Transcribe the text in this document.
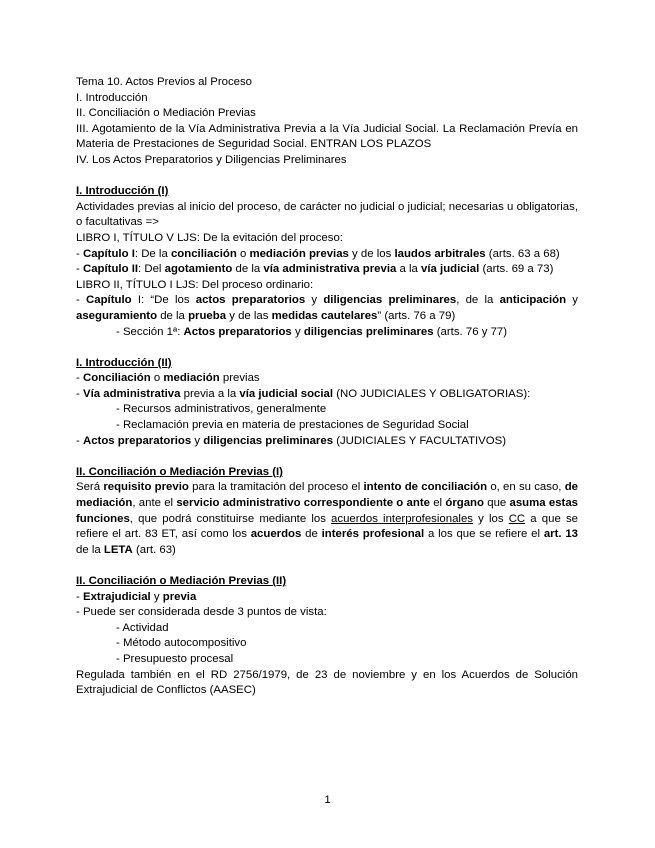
Tema 10. Actos Previos al Proceso

I. Introducción

II. Conciliación o Mediación Previas

III. Agotamiento de la Vía Administrativa Previa a la Vía Judicial Social. La Reclamación Prevía en Materia de Prestaciones de Seguridad Social. ENTRAN LOS PLAZOS

IV. Los Actos Preparatorios y Diligencias Preliminares

I. Introducción (I)

Actividades previas al inicio del proceso, de carácter no judicial o judicial; necesarias u obligatorias, o facultativas =>

LIBRO I, TÍTULO V LJS: De la evitación del proceso:

- Capítulo I: De la conciliación o mediación previas y de los laudos arbitrales (arts. 63 a 68)

- Capítulo II: Del agotamiento de la vía administrativa previa a la vía judicial (arts. 69 a 73)

LIBRO II, TÍTULO I LJS: Del proceso ordinario:

- Capítulo I: “De los actos preparatorios y diligencias preliminares, de la anticipación y aseguramiento de la prueba y de las medidas cautelares” (arts. 76 a 79)

- Sección 1ª: Actos preparatorios y diligencias preliminares (arts. 76 y 77)

I. Introducción (II)

- Conciliación o mediación previas

- Vía administrativa previa a la vía judicial social (NO JUDICIALES Y OBLIGATORIAS):

- Recursos administrativos, generalmente

- Reclamación previa en materia de prestaciones de Seguridad Social

- Actos preparatorios y diligencias preliminares (JUDICIALES Y FACULTATIVOS)

II. Conciliación o Mediación Previas (I)

Será requisito previo para la tramitación del proceso el intento de conciliación o, en su caso, de mediación, ante el servicio administrativo correspondiente o ante el órgano que asuma estas funciones, que podrá constituirse mediante los acuerdos interprofesionales y los CC a que se refiere el art. 83 ET, así como los acuerdos de interés profesional a los que se refiere el art. 13 de la LETA (art. 63)

II. Conciliación o Mediación Previas (II)

- Extrajudicial y previa

- Puede ser considerada desde 3 puntos de vista:

- Actividad

- Método autocompositivo

- Presupuesto procesal

Regulada también en el RD 2756/1979, de 23 de noviembre y en los Acuerdos de Solución Extrajudicial de Conflictos (AASEC)

1
